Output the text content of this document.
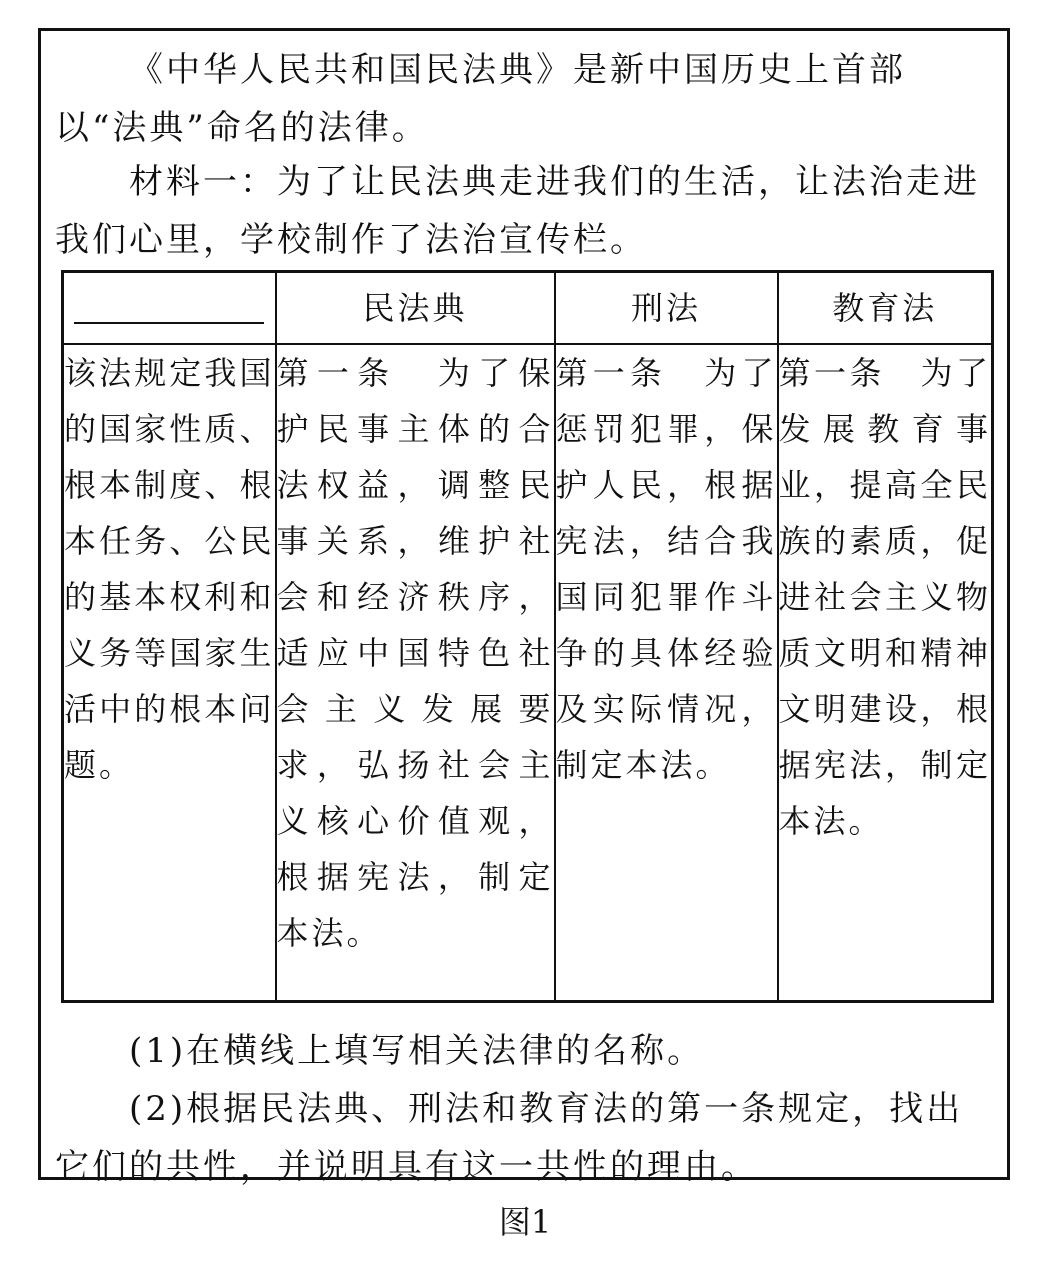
《中华人民共和国民法典》是新中国历史上首部以“法典”命名的法律。

材料一：为了让民法典走进我们的生活，让法治走进我们心里，学校制作了法治宣传栏。

	民法典	刑法	教育法
该法规定我国的国家性质、根本制度、根本任务、公民的基本权利和义务等国家生活中的根本问题。	第一条　为了保护民事主体的合法权益，调整民事关系，维护社会和经济秩序，适应中国特色社会主义发展要求，弘扬社会主义核心价值观，根据宪法，制定本法。	第一条　为了惩罚犯罪，保护人民，根据宪法，结合我国同犯罪作斗争的具体经验及实际情况，制定本法。	第一条　为了发展教育事业，提高全民族的素质，促进社会主义物质文明和精神文明建设，根据宪法，制定本法。

(1)在横线上填写相关法律的名称。

(2)根据民法典、刑法和教育法的第一条规定，找出它们的共性，并说明具有这一共性的理由。

图1
